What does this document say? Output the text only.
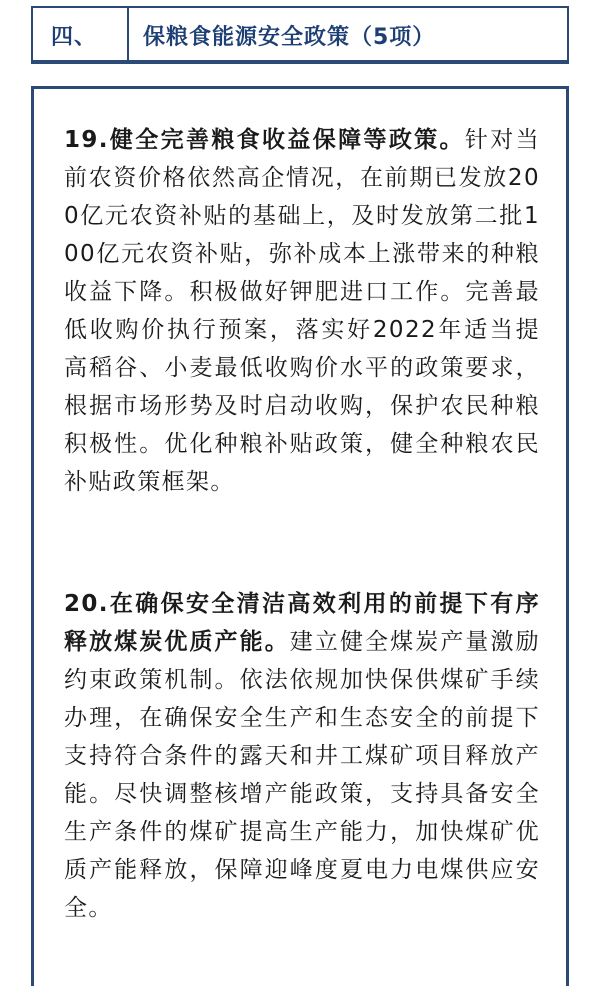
四、	保粮食能源安全政策（5项）

19.健全完善粮食收益保障等政策。针对当前农资价格依然高企情况，在前期已发放200亿元农资补贴的基础上，及时发放第二批100亿元农资补贴，弥补成本上涨带来的种粮收益下降。积极做好钾肥进口工作。完善最低收购价执行预案，落实好2022年适当提高稻谷、小麦最低收购价水平的政策要求，根据市场形势及时启动收购，保护农民种粮积极性。优化种粮补贴政策，健全种粮农民补贴政策框架。

20.在确保安全清洁高效利用的前提下有序释放煤炭优质产能。建立健全煤炭产量激励约束政策机制。依法依规加快保供煤矿手续办理，在确保安全生产和生态安全的前提下支持符合条件的露天和井工煤矿项目释放产能。尽快调整核增产能政策，支持具备安全生产条件的煤矿提高生产能力，加快煤矿优质产能释放，保障迎峰度夏电力电煤供应安全。
